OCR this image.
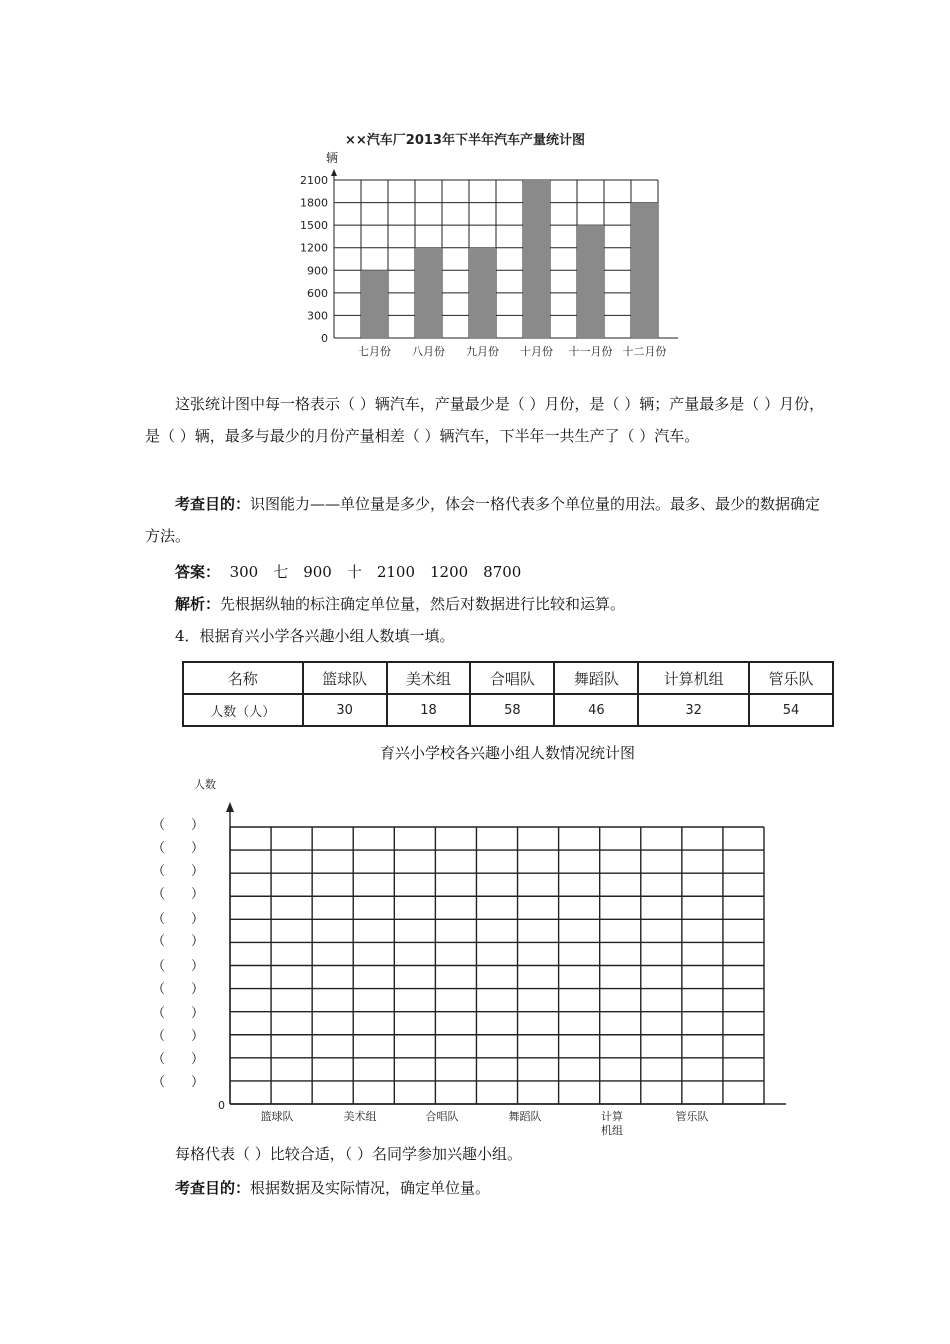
××汽车厂2013年下半年汽车产量统计图
辆
0
300
600
900
1200
1500
1800
2100
七月份 八月份 九月份 十月份 十一月份 十二月份
这张统计图中每一格表示（ ）辆汽车，产量最少是（ ）月份，是（ ）辆；产量最多是（ ）月份，是（ ）辆，最多与最少的月份产量相差（ ）辆汽车，下半年一共生产了（ ）汽车。
考查目的：识图能力——单位量是多少，体会一格代表多个单位量的用法。最多、最少的数据确定方法。
答案： 300　七　900　十　2100　1200　8700
解析：先根据纵轴的标注确定单位量，然后对数据进行比较和运算。
4．根据育兴小学各兴趣小组人数填一填。
名称	篮球队	美术组	合唱队	舞蹈队	计算机组	管乐队
人数（人）	30	18	58	46	32	54
育兴小学校各兴趣小组人数情况统计图
（　　）
（　　）
（　　）
（　　）
（　　）
（　　）
（　　）
（　　）
（　　）
（　　）
（　　）
（　　）
人数
篮球队	美术组	合唱队	舞蹈队	计算
机组
管乐队
0
每格代表（ ）比较合适，（ ）名同学参加兴趣小组。
考查目的：根据数据及实际情况，确定单位量。
